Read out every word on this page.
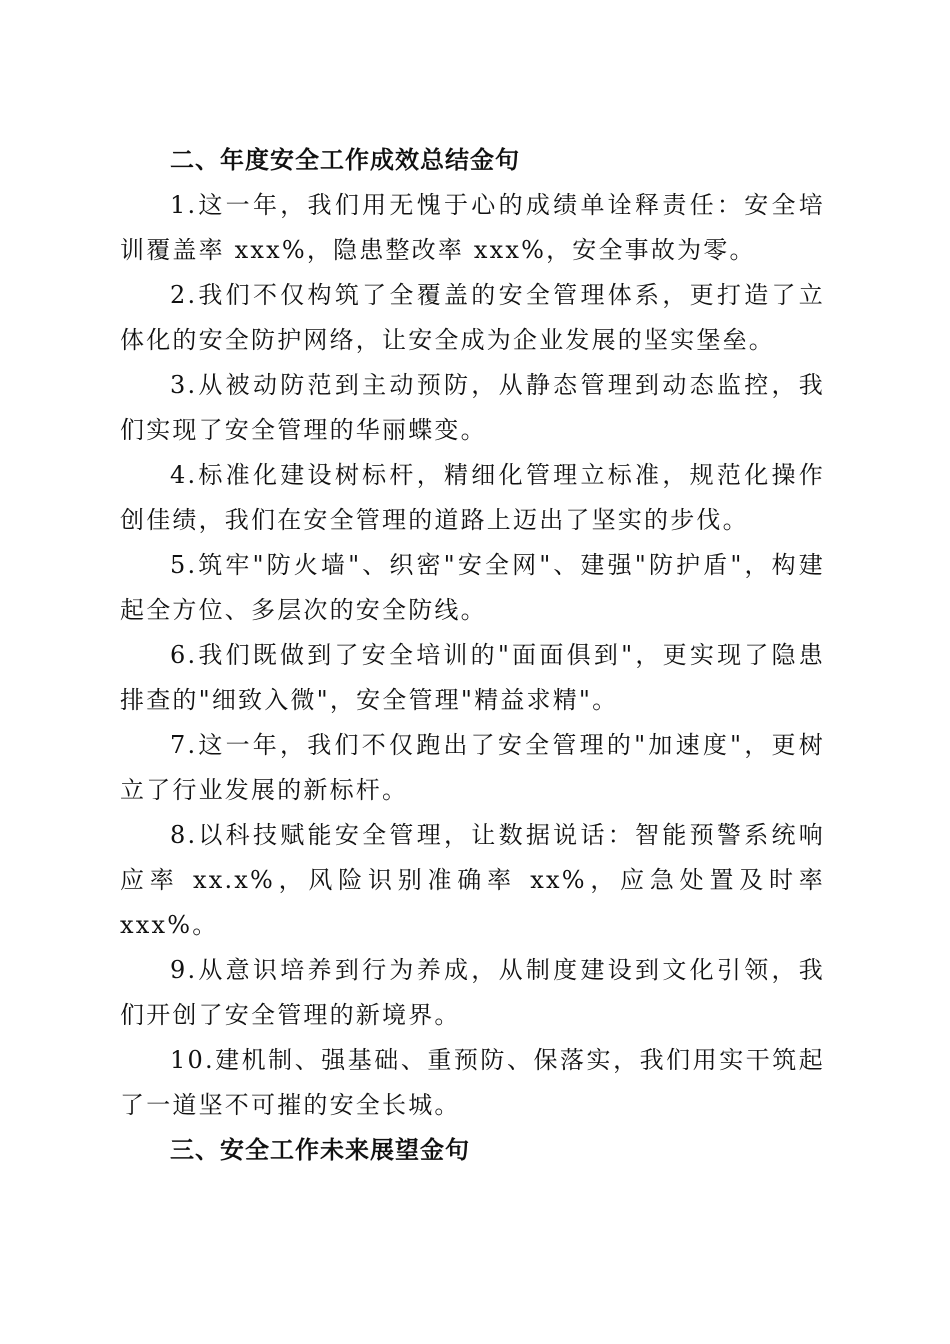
二、年度安全工作成效总结金句

1.这一年，我们用无愧于心的成绩单诠释责任：安全培训覆盖率 xxx%，隐患整改率 xxx%，安全事故为零。

2.我们不仅构筑了全覆盖的安全管理体系，更打造了立体化的安全防护网络，让安全成为企业发展的坚实堡垒。

3.从被动防范到主动预防，从静态管理到动态监控，我们实现了安全管理的华丽蝶变。

4.标准化建设树标杆，精细化管理立标准，规范化操作创佳绩，我们在安全管理的道路上迈出了坚实的步伐。

5.筑牢"防火墙"、织密"安全网"、建强"防护盾"，构建起全方位、多层次的安全防线。

6.我们既做到了安全培训的"面面俱到"，更实现了隐患排查的"细致入微"，安全管理"精益求精"。

7.这一年，我们不仅跑出了安全管理的"加速度"，更树立了行业发展的新标杆。

8.以科技赋能安全管理，让数据说话：智能预警系统响应率 xx.x%，风险识别准确率 xx%，应急处置及时率 xxx%。

9.从意识培养到行为养成，从制度建设到文化引领，我们开创了安全管理的新境界。

10.建机制、强基础、重预防、保落实，我们用实干筑起了一道坚不可摧的安全长城。

三、安全工作未来展望金句
